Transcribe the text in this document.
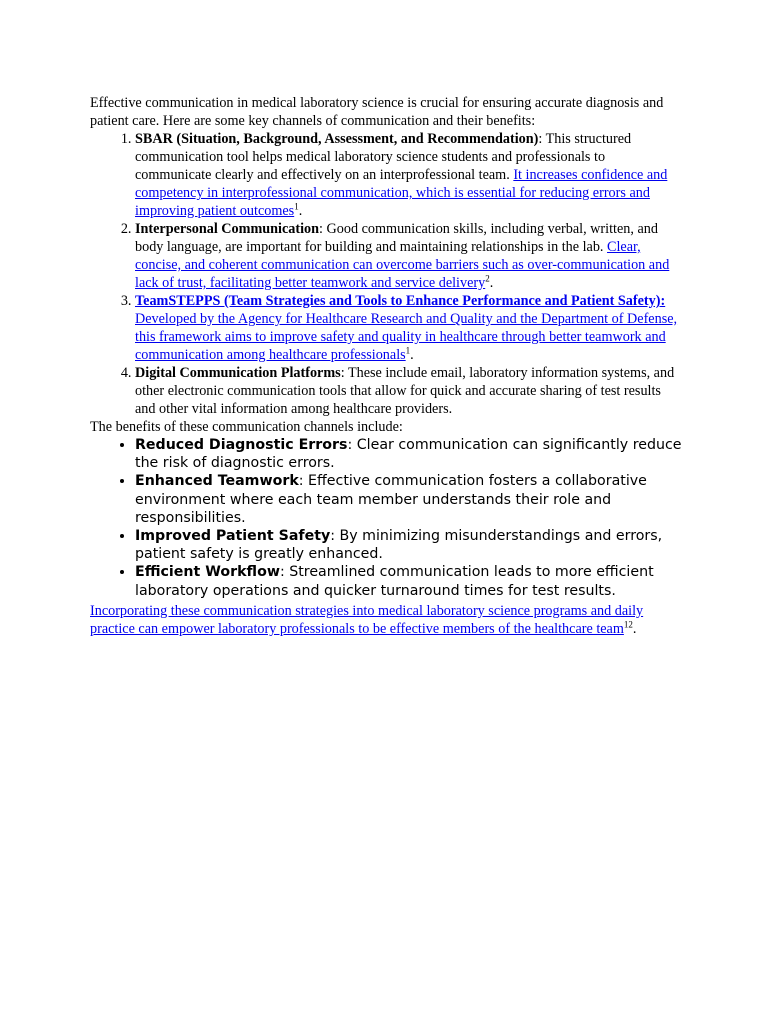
Effective communication in medical laboratory science is crucial for ensuring accurate diagnosis and patient care. Here are some key channels of communication and their benefits:

1. SBAR (Situation, Background, Assessment, and Recommendation): This structured communication tool helps medical laboratory science students and professionals to communicate clearly and effectively on an interprofessional team. It increases confidence and competency in interprofessional communication, which is essential for reducing errors and improving patient outcomes$^1$.
2. Interpersonal Communication: Good communication skills, including verbal, written, and body language, are important for building and maintaining relationships in the lab. Clear, concise, and coherent communication can overcome barriers such as over-communication and lack of trust, facilitating better teamwork and service delivery$^2$.
3. TeamSTEPPS (Team Strategies and Tools to Enhance Performance and Patient Safety): Developed by the Agency for Healthcare Research and Quality and the Department of Defense, this framework aims to improve safety and quality in healthcare through better teamwork and communication among healthcare professionals$^1$.
4. Digital Communication Platforms: These include email, laboratory information systems, and other electronic communication tools that allow for quick and accurate sharing of test results and other vital information among healthcare providers.

The benefits of these communication channels include:

• Reduced Diagnostic Errors: Clear communication can significantly reduce the risk of diagnostic errors.
• Enhanced Teamwork: Effective communication fosters a collaborative environment where each team member understands their role and responsibilities.
• Improved Patient Safety: By minimizing misunderstandings and errors, patient safety is greatly enhanced.
• Efficient Workflow: Streamlined communication leads to more efficient laboratory operations and quicker turnaround times for test results.

Incorporating these communication strategies into medical laboratory science programs and daily practice can empower laboratory professionals to be effective members of the healthcare team$^{12}$.
